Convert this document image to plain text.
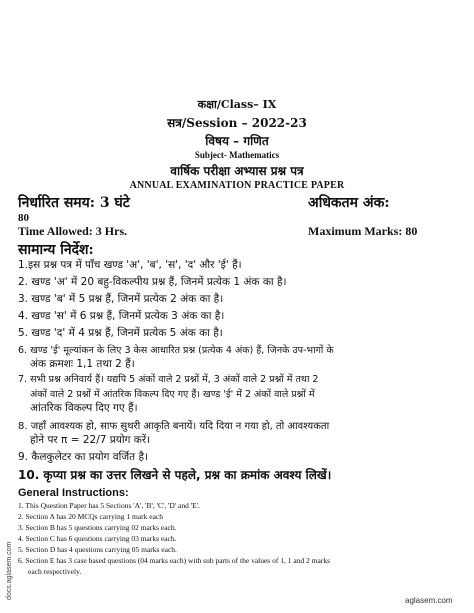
कक्षा/Class– IX
सत्र/Session – 2022-23
विषय – गणित
Subject- Mathematics
वार्षिक परीक्षा अभ्यास प्रश्न पत्र
ANNUAL EXAMINATION PRACTICE PAPER
निर्धारित समय: 3 घंटे	अधिकतम अंक:
80
Time Allowed: 3 Hrs.	Maximum Marks: 80
सामान्य निर्देश:
1.इस प्रश्न पत्र में पाँच खण्ड 'अ', 'ब', 'स', 'द' और 'ई' हैं।
2. खण्ड 'अ' में 20 बहु-विकल्पीय प्रश्न हैं, जिनमें प्रत्येक 1 अंक का है।
3. खण्ड 'ब' में 5 प्रश्न हैं, जिनमें प्रत्येक 2 अंक का है।
4. खण्ड 'स' में 6 प्रश्न हैं, जिनमें प्रत्येक 3 अंक का है।
5. खण्ड 'द' में 4 प्रश्न हैं, जिनमें प्रत्येक 5 अंक का है।
6. खण्ड 'ई' मूल्यांकन के लिए 3 केस आधारित प्रश्न (प्रत्येक 4 अंक) हैं, जिनके उप-भागों के
अंक क्रमशः 1,1 तथा 2 हैं।
7. सभी प्रश्न अनिवार्य हैं। यद्यपि 5 अंकों वाले 2 प्रश्नों में, 3 अंकों वाले 2 प्रश्नों में तथा 2
अंकों वाले 2 प्रश्नों में आंतरिक विकल्प दिए गए हैं। खण्ड 'ई' में 2 अंकों वाले प्रश्नों में
आंतरिक विकल्प दिए गए हैं।
8. जहाँ आवश्यक हो, साफ सुथरी आकृति बनायें। यदि दिया न गया हो, तो आवश्यकता
होने पर π = 22/7 प्रयोग करें।
9. कैलकुलेटर का प्रयोग वर्जित है।
10. कृप्या प्रश्न का उत्तर लिखने से पहले, प्रश्न का क्रमांक अवश्य लिखें।
General Instructions:
1. This Question Paper has 5 Sections 'A', 'B', 'C', 'D' and 'E'.
2. Section A has 20 MCQs carrying 1 mark each
3. Section B has 5 questions carrying 02 marks each.
4. Section C has 6 questions carrying 03 marks each.
5. Section D has 4 questions carrying 05 marks each.
6. Section E has 3 case based questions (04 marks each) with sub parts of the values of 1, 1 and 2 marks
each respectively.
docs.aglasem.com
aglasem.com
